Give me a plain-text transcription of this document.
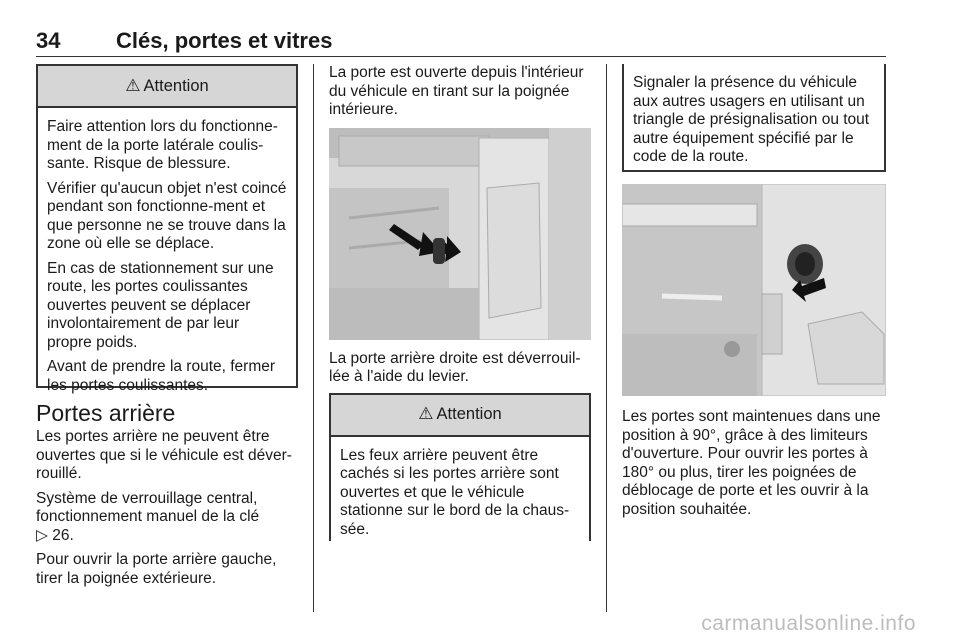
34	Clés, portes et vitres
⚠ Attention

Faire attention lors du fonctionne-ment de la porte latérale coulis-sante. Risque de blessure.

Vérifier qu'aucun objet n'est coincé pendant son fonctionne-ment et que personne ne se trouve dans la zone où elle se déplace.

En cas de stationnement sur une route, les portes coulissantes ouvertes peuvent se déplacer involontairement de par leur propre poids.

Avant de prendre la route, fermer les portes coulissantes.

Portes arrière

Les portes arrière ne peuvent être ouvertes que si le véhicule est déver-rouillé.

Système de verrouillage central, fonctionnement manuel de la clé
▷ 26.

Pour ouvrir la porte arrière gauche, tirer la poignée extérieure.

La porte est ouverte depuis l'intérieur du véhicule en tirant sur la poignée intérieure.

La porte arrière droite est déverrouil-lée à l'aide du levier.

⚠ Attention

Les feux arrière peuvent être cachés si les portes arrière sont ouvertes et que le véhicule stationne sur le bord de la chaus-sée.

Signaler la présence du véhicule aux autres usagers en utilisant un triangle de présignalisation ou tout autre équipement spécifié par le code de la route.

Les portes sont maintenues dans une position à 90°, grâce à des limiteurs d'ouverture. Pour ouvrir les portes à 180° ou plus, tirer les poignées de déblocage de porte et les ouvrir à la position souhaitée.

carmanualsonline.info
